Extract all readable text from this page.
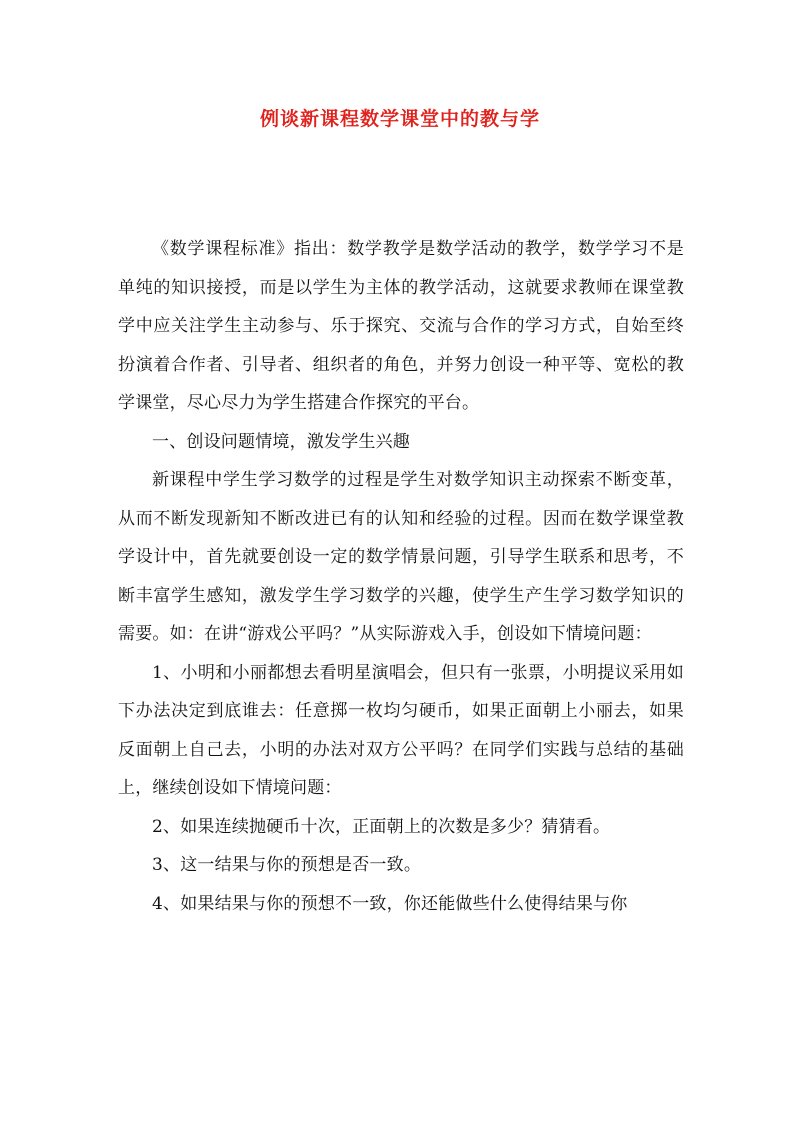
例谈新课程数学课堂中的教与学

《数学课程标准》指出：数学教学是数学活动的教学，数学学习不是单纯的知识接授，而是以学生为主体的教学活动，这就要求教师在课堂教学中应关注学生主动参与、乐于探究、交流与合作的学习方式，自始至终扮演着合作者、引导者、组织者的角色，并努力创设一种平等、宽松的教学课堂，尽心尽力为学生搭建合作探究的平台。

一、创设问题情境，激发学生兴趣

新课程中学生学习数学的过程是学生对数学知识主动探索不断变革，从而不断发现新知不断改进已有的认知和经验的过程。因而在数学课堂教学设计中，首先就要创设一定的数学情景问题，引导学生联系和思考，不断丰富学生感知，激发学生学习数学的兴趣，使学生产生学习数学知识的需要。如：在讲“游戏公平吗？”从实际游戏入手，创设如下情境问题：

1、小明和小丽都想去看明星演唱会，但只有一张票，小明提议采用如下办法决定到底谁去：任意掷一枚均匀硬币，如果正面朝上小丽去，如果反面朝上自己去，小明的办法对双方公平吗？在同学们实践与总结的基础上，继续创设如下情境问题：

2、如果连续抛硬币十次，正面朝上的次数是多少？猜猜看。

3、这一结果与你的预想是否一致。

4、如果结果与你的预想不一致，你还能做些什么使得结果与你
